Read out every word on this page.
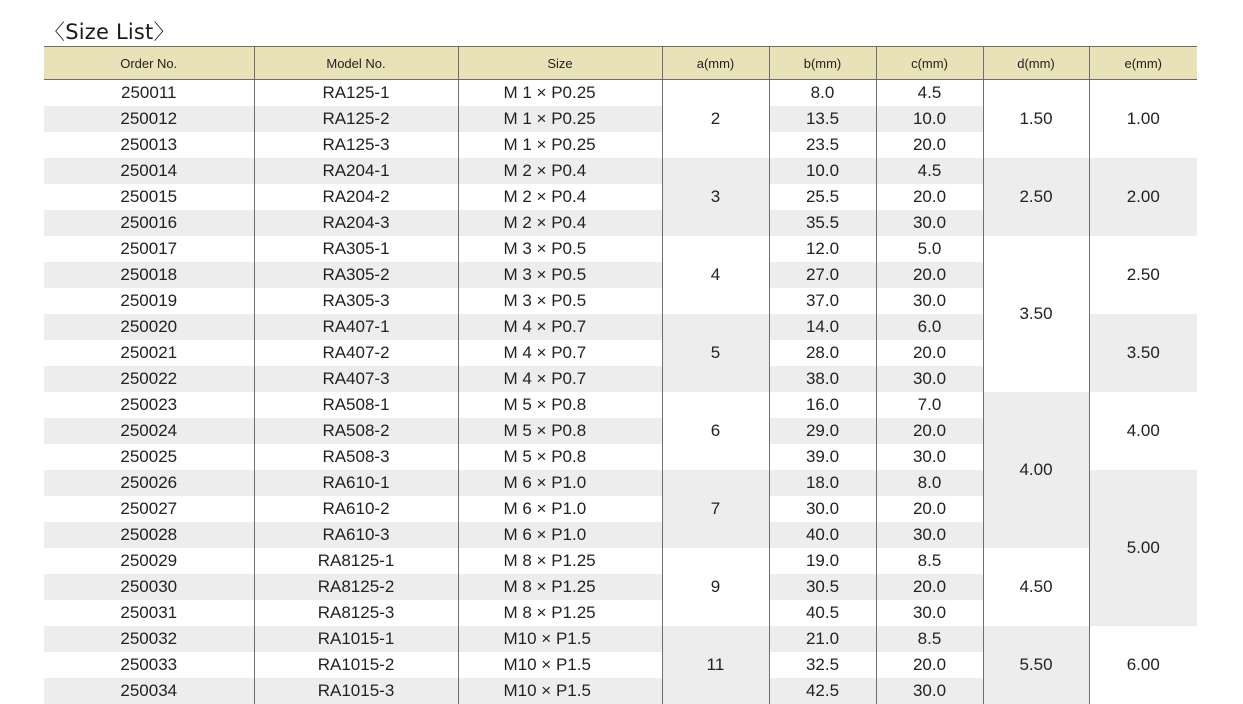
〈Size List〉
Order No.	Model No.	Size	a(mm)	b(mm)	c(mm)	d(mm)	e(mm)
250011	RA125-1	M 1 × P0.25	2	8.0	4.5	1.50	1.00
250012	RA125-2	M 1 × P0.25		13.5	10.0		
250013	RA125-3	M 1 × P0.25		23.5	20.0		
250014	RA204-1	M 2 × P0.4	3	10.0	4.5	2.50	2.00
250015	RA204-2	M 2 × P0.4		25.5	20.0		
250016	RA204-3	M 2 × P0.4		35.5	30.0		
250017	RA305-1	M 3 × P0.5	4	12.0	5.0	3.50	2.50
250018	RA305-2	M 3 × P0.5		27.0	20.0		
250019	RA305-3	M 3 × P0.5		37.0	30.0		
250020	RA407-1	M 4 × P0.7	5	14.0	6.0		3.50
250021	RA407-2	M 4 × P0.7		28.0	20.0		
250022	RA407-3	M 4 × P0.7		38.0	30.0		
250023	RA508-1	M 5 × P0.8	6	16.0	7.0	4.00	4.00
250024	RA508-2	M 5 × P0.8		29.0	20.0		
250025	RA508-3	M 5 × P0.8		39.0	30.0		
250026	RA610-1	M 6 × P1.0	7	18.0	8.0		5.00
250027	RA610-2	M 6 × P1.0		30.0	20.0		
250028	RA610-3	M 6 × P1.0		40.0	30.0		
250029	RA8125-1	M 8 × P1.25	9	19.0	8.5	4.50	
250030	RA8125-2	M 8 × P1.25		30.5	20.0		
250031	RA8125-3	M 8 × P1.25		40.5	30.0		
250032	RA1015-1	M10 × P1.5	11	21.0	8.5	5.50	6.00
250033	RA1015-2	M10 × P1.5		32.5	20.0		
250034	RA1015-3	M10 × P1.5		42.5	30.0		
